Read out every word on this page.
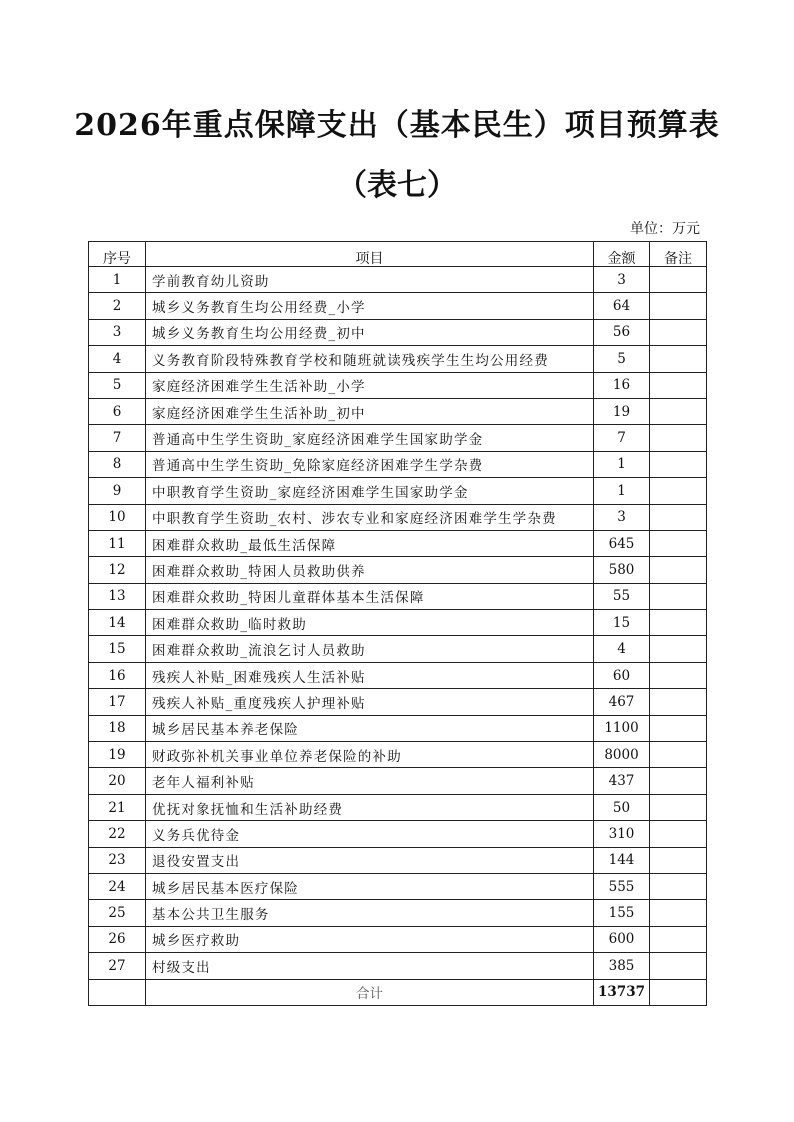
2026年重点保障支出（基本民生）项目预算表
（表七）
单位：万元
序号	项目	金额	备注
1	学前教育幼儿资助	3	
2	城乡义务教育生均公用经费_小学	64	
3	城乡义务教育生均公用经费_初中	56	
4	义务教育阶段特殊教育学校和随班就读残疾学生生均公用经费	5	
5	家庭经济困难学生生活补助_小学	16	
6	家庭经济困难学生生活补助_初中	19	
7	普通高中生学生资助_家庭经济困难学生国家助学金	7	
8	普通高中生学生资助_免除家庭经济困难学生学杂费	1	
9	中职教育学生资助_家庭经济困难学生国家助学金	1	
10	中职教育学生资助_农村、涉农专业和家庭经济困难学生学杂费	3	
11	困难群众救助_最低生活保障	645	
12	困难群众救助_特困人员救助供养	580	
13	困难群众救助_特困儿童群体基本生活保障	55	
14	困难群众救助_临时救助	15	
15	困难群众救助_流浪乞讨人员救助	4	
16	残疾人补贴_困难残疾人生活补贴	60	
17	残疾人补贴_重度残疾人护理补贴	467	
18	城乡居民基本养老保险	1100	
19	财政弥补机关事业单位养老保险的补助	8000	
20	老年人福利补贴	437	
21	优抚对象抚恤和生活补助经费	50	
22	义务兵优待金	310	
23	退役安置支出	144	
24	城乡居民基本医疗保险	555	
25	基本公共卫生服务	155	
26	城乡医疗救助	600	
27	村级支出	385	
	合计	13737	
